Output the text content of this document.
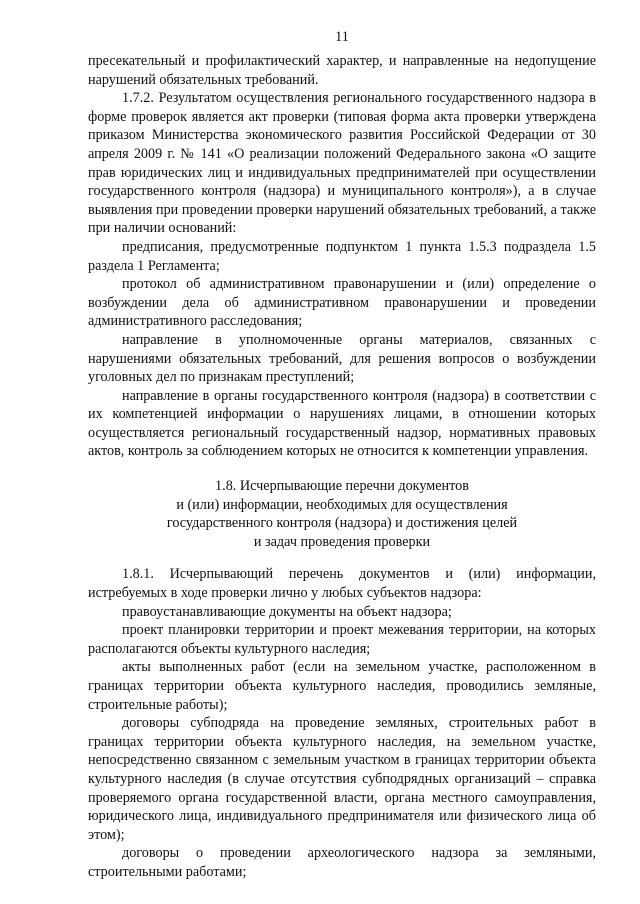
11

пресекательный и профилактический характер, и направленные на недопущение нарушений обязательных требований.

1.7.2. Результатом осуществления регионального государственного надзора в форме проверок является акт проверки (типовая форма акта проверки утверждена приказом Министерства экономического развития Российской Федерации от 30 апреля 2009 г. № 141 «О реализации положений Федерального закона «О защите прав юридических лиц и индивидуальных предпринимателей при осуществлении государственного контроля (надзора) и муниципального контроля»), а в случае выявления при проведении проверки нарушений обязательных требований, а также при наличии оснований:

предписания, предусмотренные подпунктом 1 пункта 1.5.3 подраздела 1.5 раздела 1 Регламента;

протокол об административном правонарушении и (или) определение о возбуждении дела об административном правонарушении и проведении административного расследования;

направление в уполномоченные органы материалов, связанных с нарушениями обязательных требований, для решения вопросов о возбуждении уголовных дел по признакам преступлений;

направление в органы государственного контроля (надзора) в соответствии с их компетенцией информации о нарушениях лицами, в отношении которых осуществляется региональный государственный надзор, нормативных правовых актов, контроль за соблюдением которых не относится к компетенции управления.

1.8. Исчерпывающие перечни документов
и (или) информации, необходимых для осуществления
государственного контроля (надзора) и достижения целей
и задач проведения проверки

1.8.1. Исчерпывающий перечень документов и (или) информации, истребуемых в ходе проверки лично у любых субъектов надзора:

правоустанавливающие документы на объект надзора;

проект планировки территории и проект межевания территории, на которых располагаются объекты культурного наследия;

акты выполненных работ (если на земельном участке, расположенном в границах территории объекта культурного наследия, проводились земляные, строительные работы);

договоры субподряда на проведение земляных, строительных работ в границах территории объекта культурного наследия, на земельном участке, непосредственно связанном с земельным участком в границах территории объекта культурного наследия (в случае отсутствия субподрядных организаций – справка проверяемого органа государственной власти, органа местного самоуправления, юридического лица, индивидуального предпринимателя или физического лица об этом);

договоры о проведении археологического надзора за земляными, строительными работами;
